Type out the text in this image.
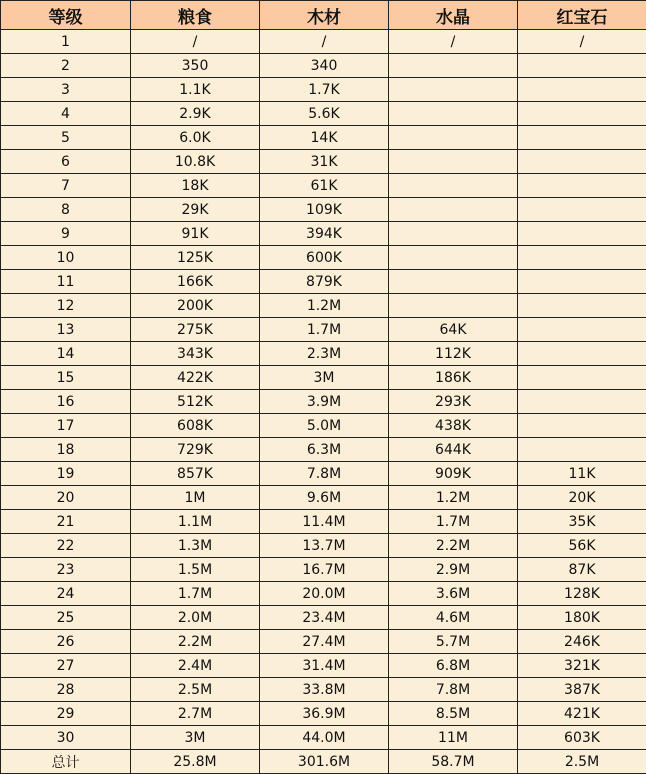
等级	粮食	木材	水晶	红宝石
1	/	/	/	/
2	350	340		
3	1.1K	1.7K		
4	2.9K	5.6K		
5	6.0K	14K		
6	10.8K	31K		
7	18K	61K		
8	29K	109K		
9	91K	394K		
10	125K	600K		
11	166K	879K		
12	200K	1.2M		
13	275K	1.7M	64K	
14	343K	2.3M	112K	
15	422K	3M	186K	
16	512K	3.9M	293K	
17	608K	5.0M	438K	
18	729K	6.3M	644K	
19	857K	7.8M	909K	11K
20	1M	9.6M	1.2M	20K
21	1.1M	11.4M	1.7M	35K
22	1.3M	13.7M	2.2M	56K
23	1.5M	16.7M	2.9M	87K
24	1.7M	20.0M	3.6M	128K
25	2.0M	23.4M	4.6M	180K
26	2.2M	27.4M	5.7M	246K
27	2.4M	31.4M	6.8M	321K
28	2.5M	33.8M	7.8M	387K
29	2.7M	36.9M	8.5M	421K
30	3M	44.0M	11M	603K
总计	25.8M	301.6M	58.7M	2.5M
